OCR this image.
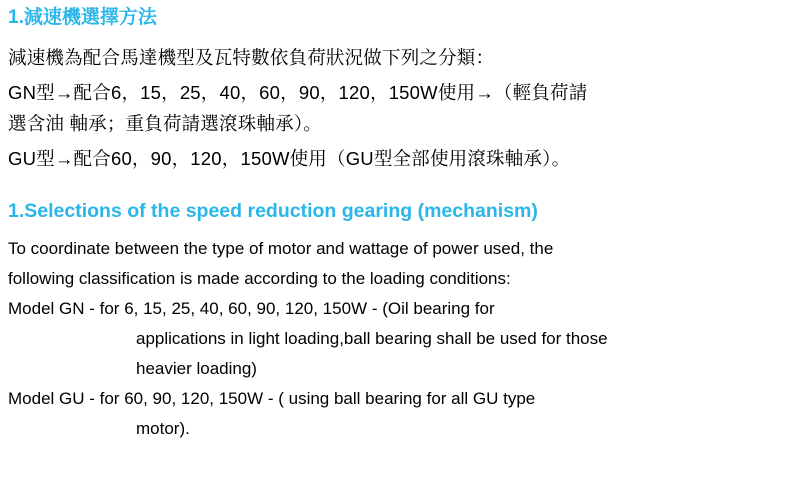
1.減速機選擇方法
減速機為配合馬達機型及瓦特數依負荷狀況做下列之分類：
GN型→配合6，15，25，40，60，90，120，150W使用→（輕負荷請
選含油 軸承；重負荷請選滾珠軸承）。
GU型→配合60，90，120，150W使用（GU型全部使用滾珠軸承）。
1.Selections of the speed reduction gearing (mechanism)
To coordinate between the type of motor and wattage of power used, the
following classification is made according to the loading conditions:
Model GN - for 6, 15, 25, 40, 60, 90, 120, 150W - (Oil bearing for
applications in light loading,ball bearing shall be used for those
heavier loading)
Model GU - for 60, 90, 120, 150W - ( using ball bearing for all GU type
motor).
